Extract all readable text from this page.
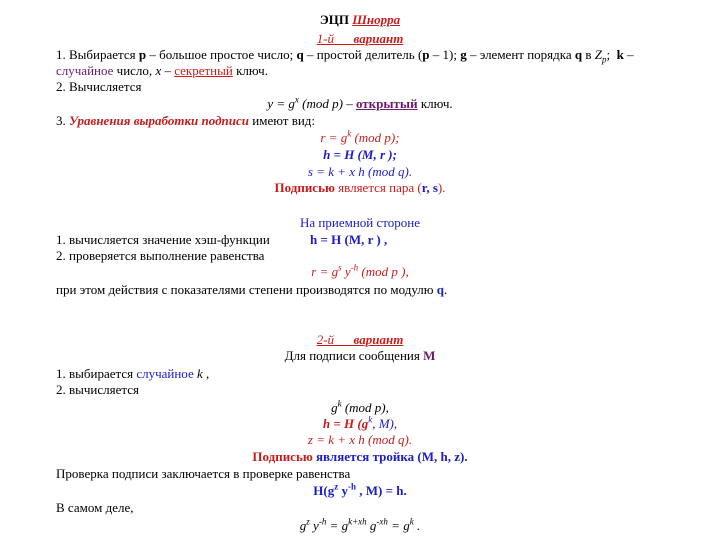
ЭЦП Шнорра
1-й вариант
1. Выбирается p – большое простое число; q – простой делитель (p – 1); g – элемент порядка q в $Z_p$;  k –
случайное число, x – секретный ключ.
2. Вычисляется
$y = g^x$ (mod p) – открытый ключ.
3. Уравнения выработки подписи имеют вид:
$r = g^k$ (mod p);
h = H (M, r );
s = k + x h (mod q).
Подписью является пара (r, s).
На приемной стороне
1. вычисляется значение хэш-функции	h = H (M, r ) ,
2. проверяется выполнение равенства
$r = g^s$ $y^{-h}$ (mod p ),
при этом действия с показателями степени производятся по модулю q.
2-й вариант
Для подписи сообщения M
1. выбирается случайное k ,
2. вычисляется
$g^k$ (mod p),
h = H ($g^k$, M),
z = k + x h (mod q).
Подписью является тройка (M, h, z).
Проверка подписи заключается в проверке равенства
$H(g^z$ $y^{-h}$ , M) = h.
В самом деле,
$g^z$ $y^{-h} = g^{k+xh}$ $g^{-xh} = g^k$ .
